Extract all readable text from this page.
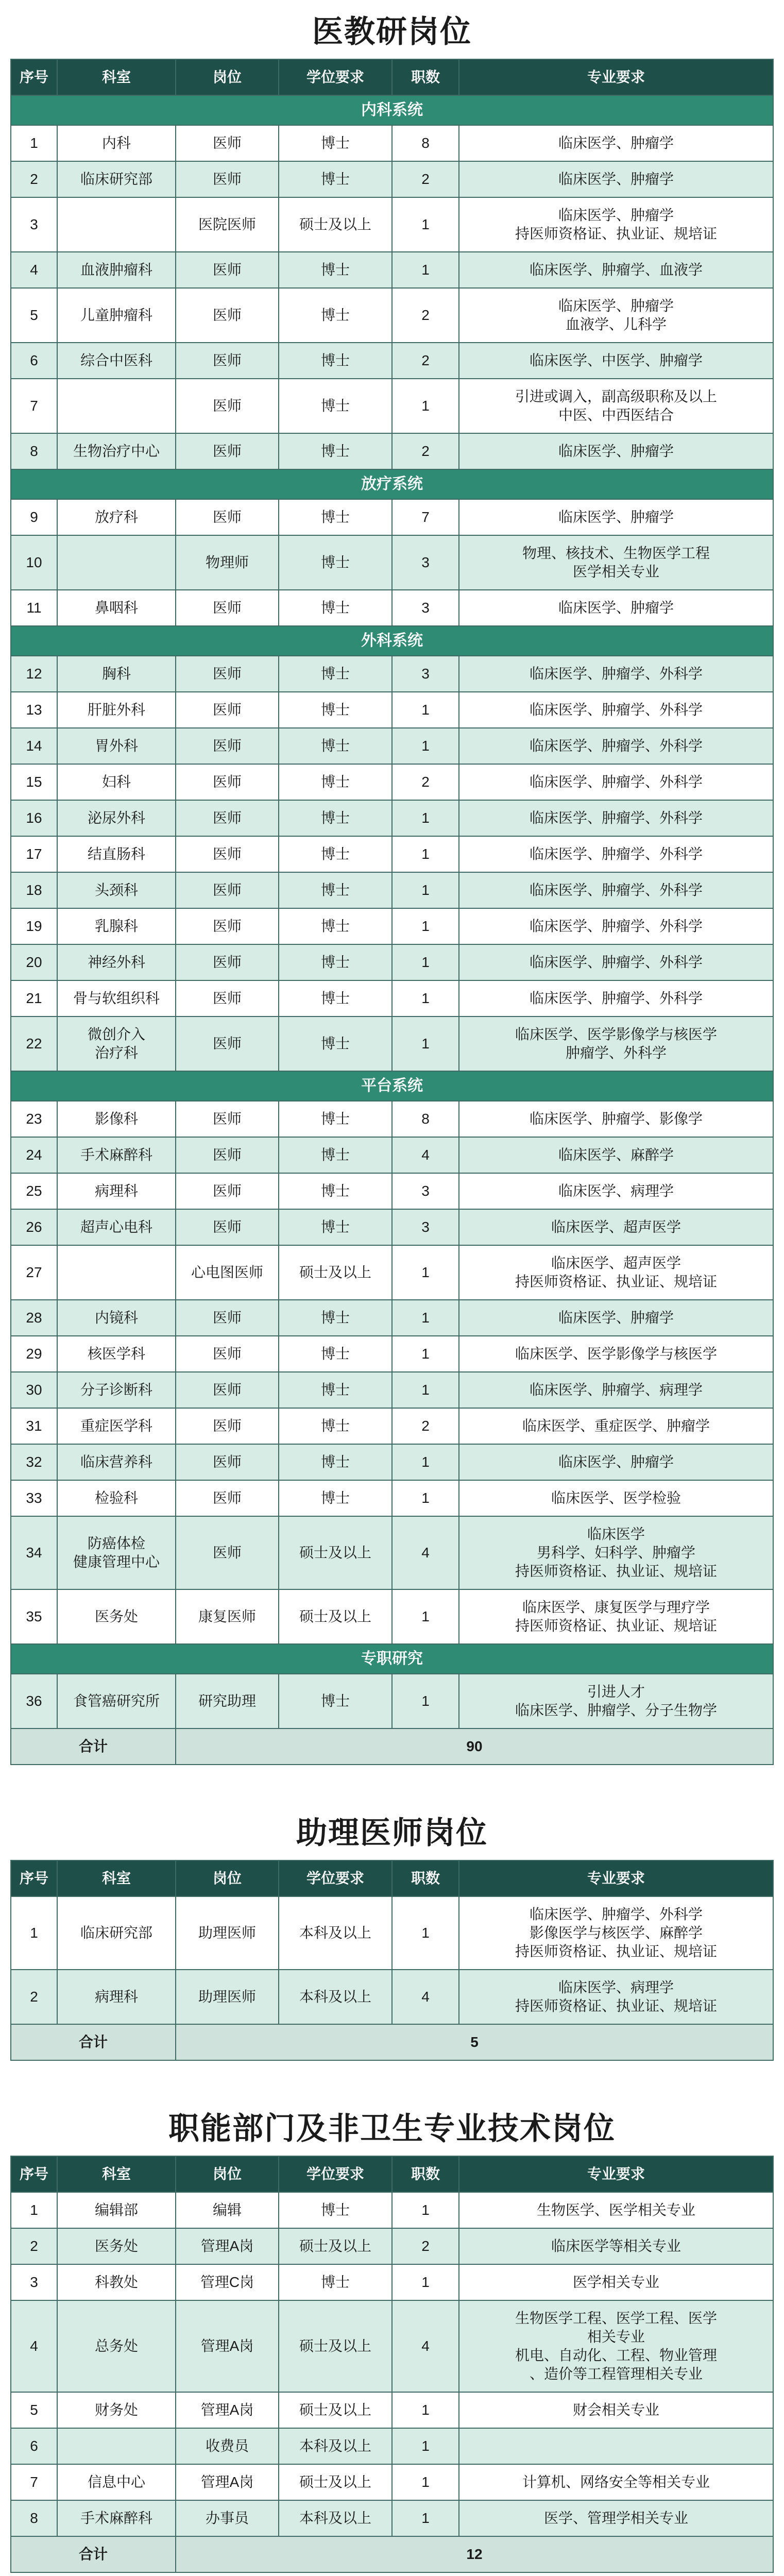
医教研岗位
序号	科室	岗位	学位要求	职数	专业要求
内科系统					
1	内科	医师	博士	8	临床医学、肿瘤学
2	临床研究部	医师	博士	2	临床医学、肿瘤学
3		医院医师	硕士及以上	1	临床医学、肿瘤学
持医师资格证、执业证、规培证
4	血液肿瘤科	医师	博士	1	临床医学、肿瘤学、血液学
5	儿童肿瘤科	医师	博士	2	临床医学、肿瘤学
血液学、儿科学
6	综合中医科	医师	博士	2	临床医学、中医学、肿瘤学
7		医师	博士	1	引进或调入，副高级职称及以上
中医、中西医结合
8	生物治疗中心	医师	博士	2	临床医学、肿瘤学
放疗系统					
9	放疗科	医师	博士	7	临床医学、肿瘤学
10		物理师	博士	3	物理、核技术、生物医学工程
医学相关专业
11	鼻咽科	医师	博士	3	临床医学、肿瘤学
外科系统					
12	胸科	医师	博士	3	临床医学、肿瘤学、外科学
13	肝脏外科	医师	博士	1	临床医学、肿瘤学、外科学
14	胃外科	医师	博士	1	临床医学、肿瘤学、外科学
15	妇科	医师	博士	2	临床医学、肿瘤学、外科学
16	泌尿外科	医师	博士	1	临床医学、肿瘤学、外科学
17	结直肠科	医师	博士	1	临床医学、肿瘤学、外科学
18	头颈科	医师	博士	1	临床医学、肿瘤学、外科学
19	乳腺科	医师	博士	1	临床医学、肿瘤学、外科学
20	神经外科	医师	博士	1	临床医学、肿瘤学、外科学
21	骨与软组织科	医师	博士	1	临床医学、肿瘤学、外科学
22	微创介入
治疗科	医师	博士	1	临床医学、医学影像学与核医学
肿瘤学、外科学
平台系统					
23	影像科	医师	博士	8	临床医学、肿瘤学、影像学
24	手术麻醉科	医师	博士	4	临床医学、麻醉学
25	病理科	医师	博士	3	临床医学、病理学
26	超声心电科	医师	博士	3	临床医学、超声医学
27		心电图医师	硕士及以上	1	临床医学、超声医学
持医师资格证、执业证、规培证
28	内镜科	医师	博士	1	临床医学、肿瘤学
29	核医学科	医师	博士	1	临床医学、医学影像学与核医学
30	分子诊断科	医师	博士	1	临床医学、肿瘤学、病理学
31	重症医学科	医师	博士	2	临床医学、重症医学、肿瘤学
32	临床营养科	医师	博士	1	临床医学、肿瘤学
33	检验科	医师	博士	1	临床医学、医学检验
34	防癌体检
健康管理中心	医师	硕士及以上	4	临床医学
男科学、妇科学、肿瘤学
持医师资格证、执业证、规培证
35	医务处	康复医师	硕士及以上	1	临床医学、康复医学与理疗学
持医师资格证、执业证、规培证
专职研究					
36	食管癌研究所	研究助理	博士	1	引进人才
临床医学、肿瘤学、分子生物学
合计		90			
助理医师岗位
序号	科室	岗位	学位要求	职数	专业要求
1	临床研究部	助理医师	本科及以上	1	临床医学、肿瘤学、外科学
影像医学与核医学、麻醉学
持医师资格证、执业证、规培证
2	病理科	助理医师	本科及以上	4	临床医学、病理学
持医师资格证、执业证、规培证
合计		5			
职能部门及非卫生专业技术岗位
序号	科室	岗位	学位要求	职数	专业要求
1	编辑部	编辑	博士	1	生物医学、医学相关专业
2	医务处	管理A岗	硕士及以上	2	临床医学等相关专业
3	科教处	管理C岗	博士	1	医学相关专业
4	总务处	管理A岗	硕士及以上	4	生物医学工程、医学工程、医学
相关专业
机电、自动化、工程、物业管理
、造价等工程管理相关专业
5	财务处	管理A岗	硕士及以上	1	财会相关专业
6		收费员	本科及以上	1	
7	信息中心	管理A岗	硕士及以上	1	计算机、网络安全等相关专业
8	手术麻醉科	办事员	本科及以上	1	医学、管理学相关专业
合计		12			
